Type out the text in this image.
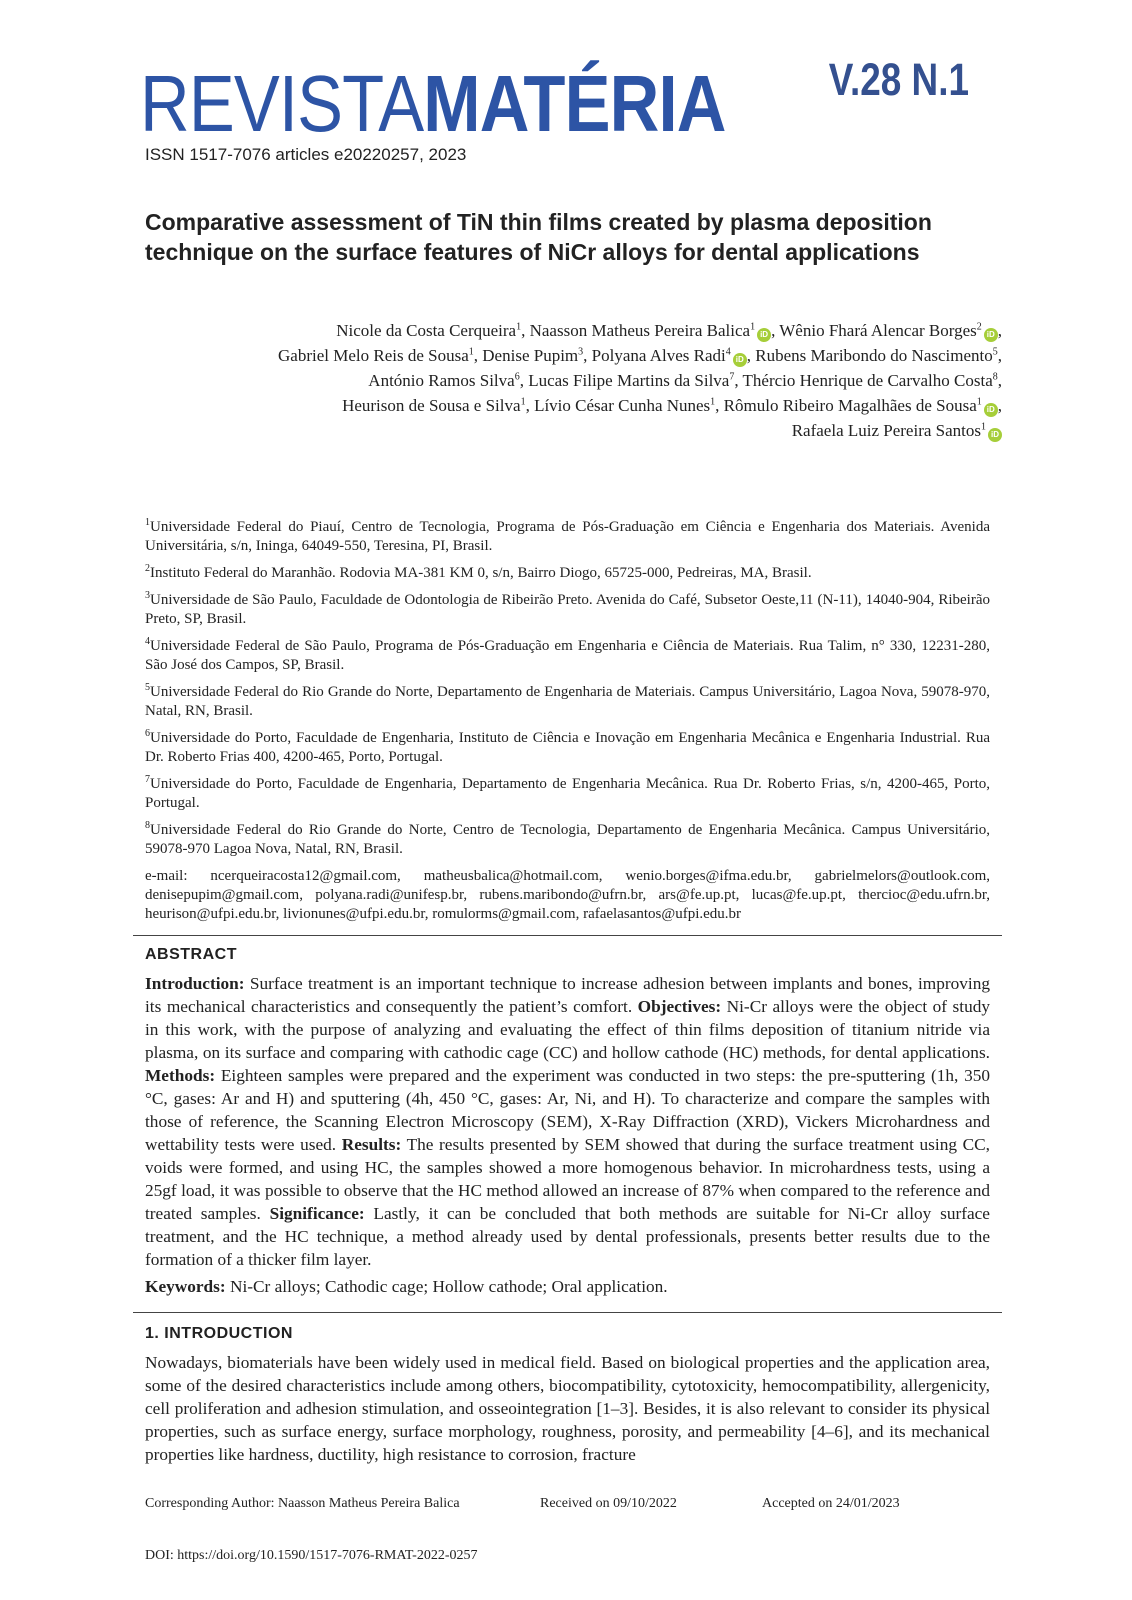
REVISTAMATÉRIA
ISSN 1517-7076 articles e20220257, 2023
V.28 N.1
Comparative assessment of TiN thin films created by plasma deposition technique on the surface features of NiCr alloys for dental applications
Nicole da Costa Cerqueira$^1$, Naasson Matheus Pereira Balica$^1$iD , Wênio Fhará Alencar Borges$^2$iD ,
Gabriel Melo Reis de Sousa$^1$, Denise Pupim$^3$, Polyana Alves Radi$^4$iD , Rubens Maribondo do Nascimento$^5$,
António Ramos Silva$^6$, Lucas Filipe Martins da Silva$^7$, Thércio Henrique de Carvalho Costa$^8$,
Heurison de Sousa e Silva$^1$, Lívio César Cunha Nunes$^1$, Rômulo Ribeiro Magalhães de Sousa$^1$iD ,
Rafaela Luiz Pereira Santos$^1$iD

$^1$Universidade Federal do Piauí, Centro de Tecnologia, Programa de Pós-Graduação em Ciência e Engenharia dos Materiais. Avenida Universitária, s/n, Ininga, 64049-550, Teresina, PI, Brasil.

$^2$Instituto Federal do Maranhão. Rodovia MA-381 KM 0, s/n, Bairro Diogo, 65725-000, Pedreiras, MA, Brasil.

$^3$Universidade de São Paulo, Faculdade de Odontologia de Ribeirão Preto. Avenida do Café, Subsetor Oeste,11 (N-11), 14040-904, Ribeirão Preto, SP, Brasil.

$^4$Universidade Federal de São Paulo, Programa de Pós-Graduação em Engenharia e Ciência de Materiais. Rua Talim, n° 330, 12231-280, São José dos Campos, SP, Brasil.

$^5$Universidade Federal do Rio Grande do Norte, Departamento de Engenharia de Materiais. Campus Universitário, Lagoa Nova, 59078-970, Natal, RN, Brasil.

$^6$Universidade do Porto, Faculdade de Engenharia, Instituto de Ciência e Inovação em Engenharia Mecânica e Engenharia Industrial. Rua Dr. Roberto Frias 400, 4200-465, Porto, Portugal.

$^7$Universidade do Porto, Faculdade de Engenharia, Departamento de Engenharia Mecânica. Rua Dr. Roberto Frias, s/n, 4200-465, Porto, Portugal.

$^8$Universidade Federal do Rio Grande do Norte, Centro de Tecnologia, Departamento de Engenharia Mecânica. Campus Universitário, 59078-970 Lagoa Nova, Natal, RN, Brasil.

e-mail: ncerqueiracosta12@gmail.com, matheusbalica@hotmail.com, wenio.borges@ifma.edu.br, gabrielmelors@outlook.com, denisepupim@gmail.com, polyana.radi@unifesp.br, rubens.maribondo@ufrn.br, ars@fe.up.pt, lucas@fe.up.pt, thercioc@edu.ufrn.br, heurison@ufpi.edu.br, livionunes@ufpi.edu.br, romulorms@gmail.com, rafaelasantos@ufpi.edu.br

ABSTRACT

Introduction: Surface treatment is an important technique to increase adhesion between implants and bones, improving its mechanical characteristics and consequently the patient’s comfort. Objectives: Ni-Cr alloys were the object of study in this work, with the purpose of analyzing and evaluating the effect of thin films deposition of titanium nitride via plasma, on its surface and comparing with cathodic cage (CC) and hollow cathode (HC) methods, for dental applications. Methods: Eighteen samples were prepared and the experiment was conducted in two steps: the pre-sputtering (1h, 350 °C, gases: Ar and H) and sputtering (4h, 450 °C, gases: Ar, Ni, and H). To characterize and compare the samples with those of reference, the Scanning Electron Microscopy (SEM), X-Ray Diffraction (XRD), Vickers Microhardness and wettability tests were used. Results: The results presented by SEM showed that during the surface treatment using CC, voids were formed, and using HC, the samples showed a more homogenous behavior. In microhardness tests, using a 25gf load, it was possible to observe that the HC method allowed an increase of 87% when compared to the reference and treated samples. Significance: Lastly, it can be concluded that both methods are suitable for Ni-Cr alloy surface treatment, and the HC technique, a method already used by dental professionals, presents better results due to the formation of a thicker film layer.

Keywords: Ni-Cr alloys; Cathodic cage; Hollow cathode; Oral application.
1. INTRODUCTION

Nowadays, biomaterials have been widely used in medical field. Based on biological properties and the application area, some of the desired characteristics include among others, biocompatibility, cytotoxicity, hemocompatibility, allergenicity, cell proliferation and adhesion stimulation, and osseointegration [1–3]. Besides, it is also relevant to consider its physical properties, such as surface energy, surface morphology, roughness, porosity, and permeability [4–6], and its mechanical properties like hardness, ductility, high resistance to corrosion, fracture

Corresponding Author: Naasson Matheus Pereira Balica	Received on 09/10/2022	Accepted on 24/01/2023
DOI: https://doi.org/10.1590/1517-7076-RMAT-2022-0257
